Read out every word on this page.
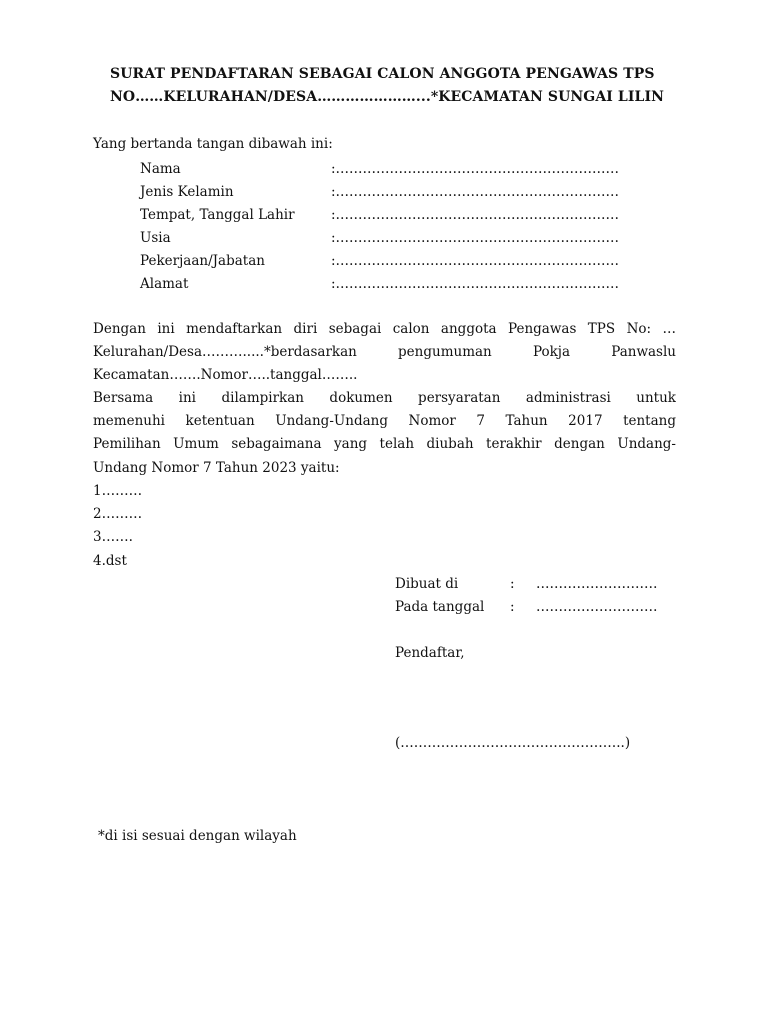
SURAT PENDAFTARAN SEBAGAI CALON ANGGOTA PENGAWAS TPS
NO……KELURAHAN/DESA…………………...*KECAMATAN SUNGAI LILIN
Yang bertanda tangan dibawah ini:
Nama	:………………………………………………………
Jenis Kelamin	:………………………………………………………
Tempat, Tanggal Lahir	:………………………………………………………
Usia	:………………………………………………………
Pekerjaan/Jabatan	:………………………………………………………
Alamat	:………………………………………………………
Dengan ini mendaftarkan diri sebagai calon anggota Pengawas TPS No: …
Kelurahan/Desa……….....*berdasarkan pengumuman Pokja Panwaslu
Kecamatan…….Nomor…..tanggal……..
Bersama ini dilampirkan dokumen persyaratan administrasi untuk
memenuhi ketentuan Undang-Undang Nomor 7 Tahun 2017 tentang
Pemilihan Umum sebagaimana yang telah diubah terakhir dengan Undang-
Undang Nomor 7 Tahun 2023 yaitu:
1………
2………
3…….
4.dst
Dibuat di	:	………………………
Pada tanggal	:	………………………
Pendaftar,
(…………………………………………..)
*di isi sesuai dengan wilayah
